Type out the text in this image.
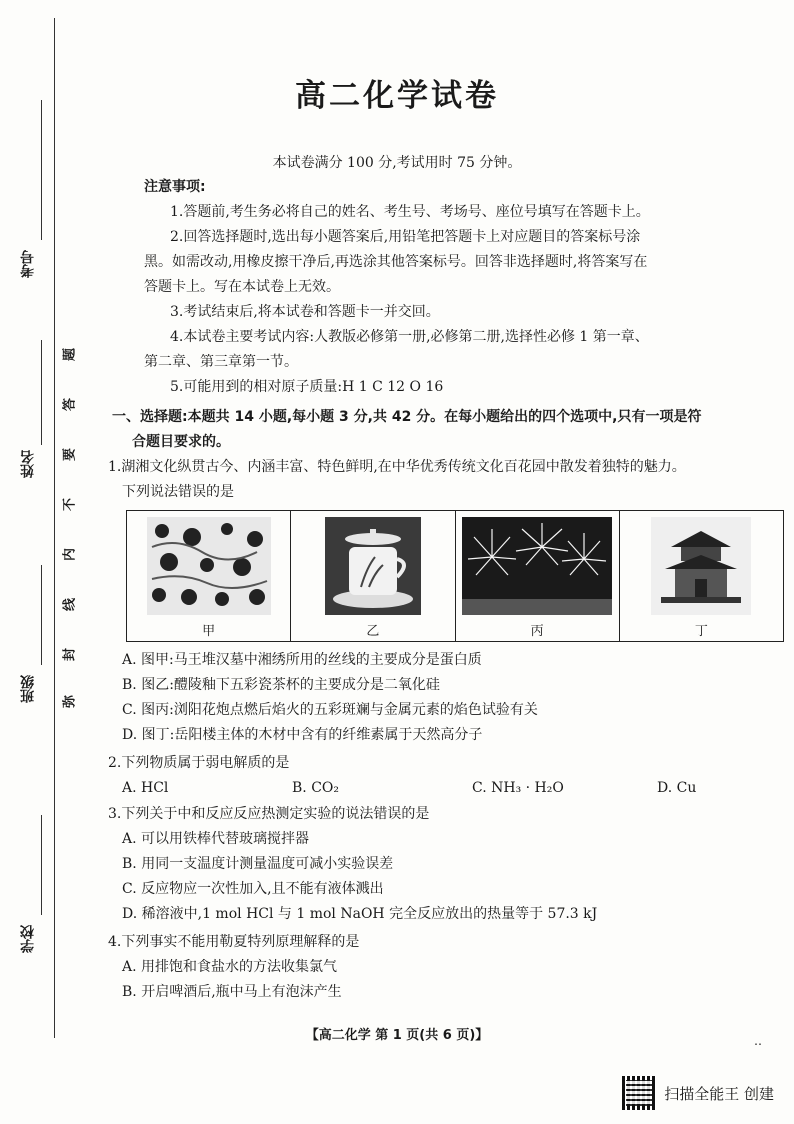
考号
姓名
班级
学校
题
答
要
不
内
线
封
弥
高二化学试卷
本试卷满分 100 分,考试用时 75 分钟。
注意事项:
1.答题前,考生务必将自己的姓名、考生号、考场号、座位号填写在答题卡上。
2.回答选择题时,选出每小题答案后,用铅笔把答题卡上对应题目的答案标号涂
黑。如需改动,用橡皮擦干净后,再选涂其他答案标号。回答非选择题时,将答案写在
答题卡上。写在本试卷上无效。
3.考试结束后,将本试卷和答题卡一并交回。
4.本试卷主要考试内容:人教版必修第一册,必修第二册,选择性必修 1 第一章、
第二章、第三章第一节。
5.可能用到的相对原子质量:H 1 C 12 O 16
一、选择题:本题共 14 小题,每小题 3 分,共 42 分。在每小题给出的四个选项中,只有一项是符
合题目要求的。
1.湖湘文化纵贯古今、内涵丰富、特色鲜明,在中华优秀传统文化百花园中散发着独特的魅力。
下列说法错误的是
甲	乙	丙	丁
A. 图甲:马王堆汉墓中湘绣所用的丝线的主要成分是蛋白质
B. 图乙:醴陵釉下五彩瓷茶杯的主要成分是二氧化硅
C. 图丙:浏阳花炮点燃后焰火的五彩斑斓与金属元素的焰色试验有关
D. 图丁:岳阳楼主体的木材中含有的纤维素属于天然高分子
2.下列物质属于弱电解质的是
A. HCl	B. CO₂	C. NH₃ · H₂O	D. Cu
3.下列关于中和反应反应热测定实验的说法错误的是
A. 可以用铁棒代替玻璃搅拌器
B. 用同一支温度计测量温度可减小实验误差
C. 反应物应一次性加入,且不能有液体溅出
D. 稀溶液中,1 mol HCl 与 1 mol NaOH 完全反应放出的热量等于 57.3 kJ
4.下列事实不能用勒夏特列原理解释的是
A. 用排饱和食盐水的方法收集氯气
B. 开启啤酒后,瓶中马上有泡沫产生
【高二化学 第 1 页(共 6 页)】	‥
扫描全能王 创建
